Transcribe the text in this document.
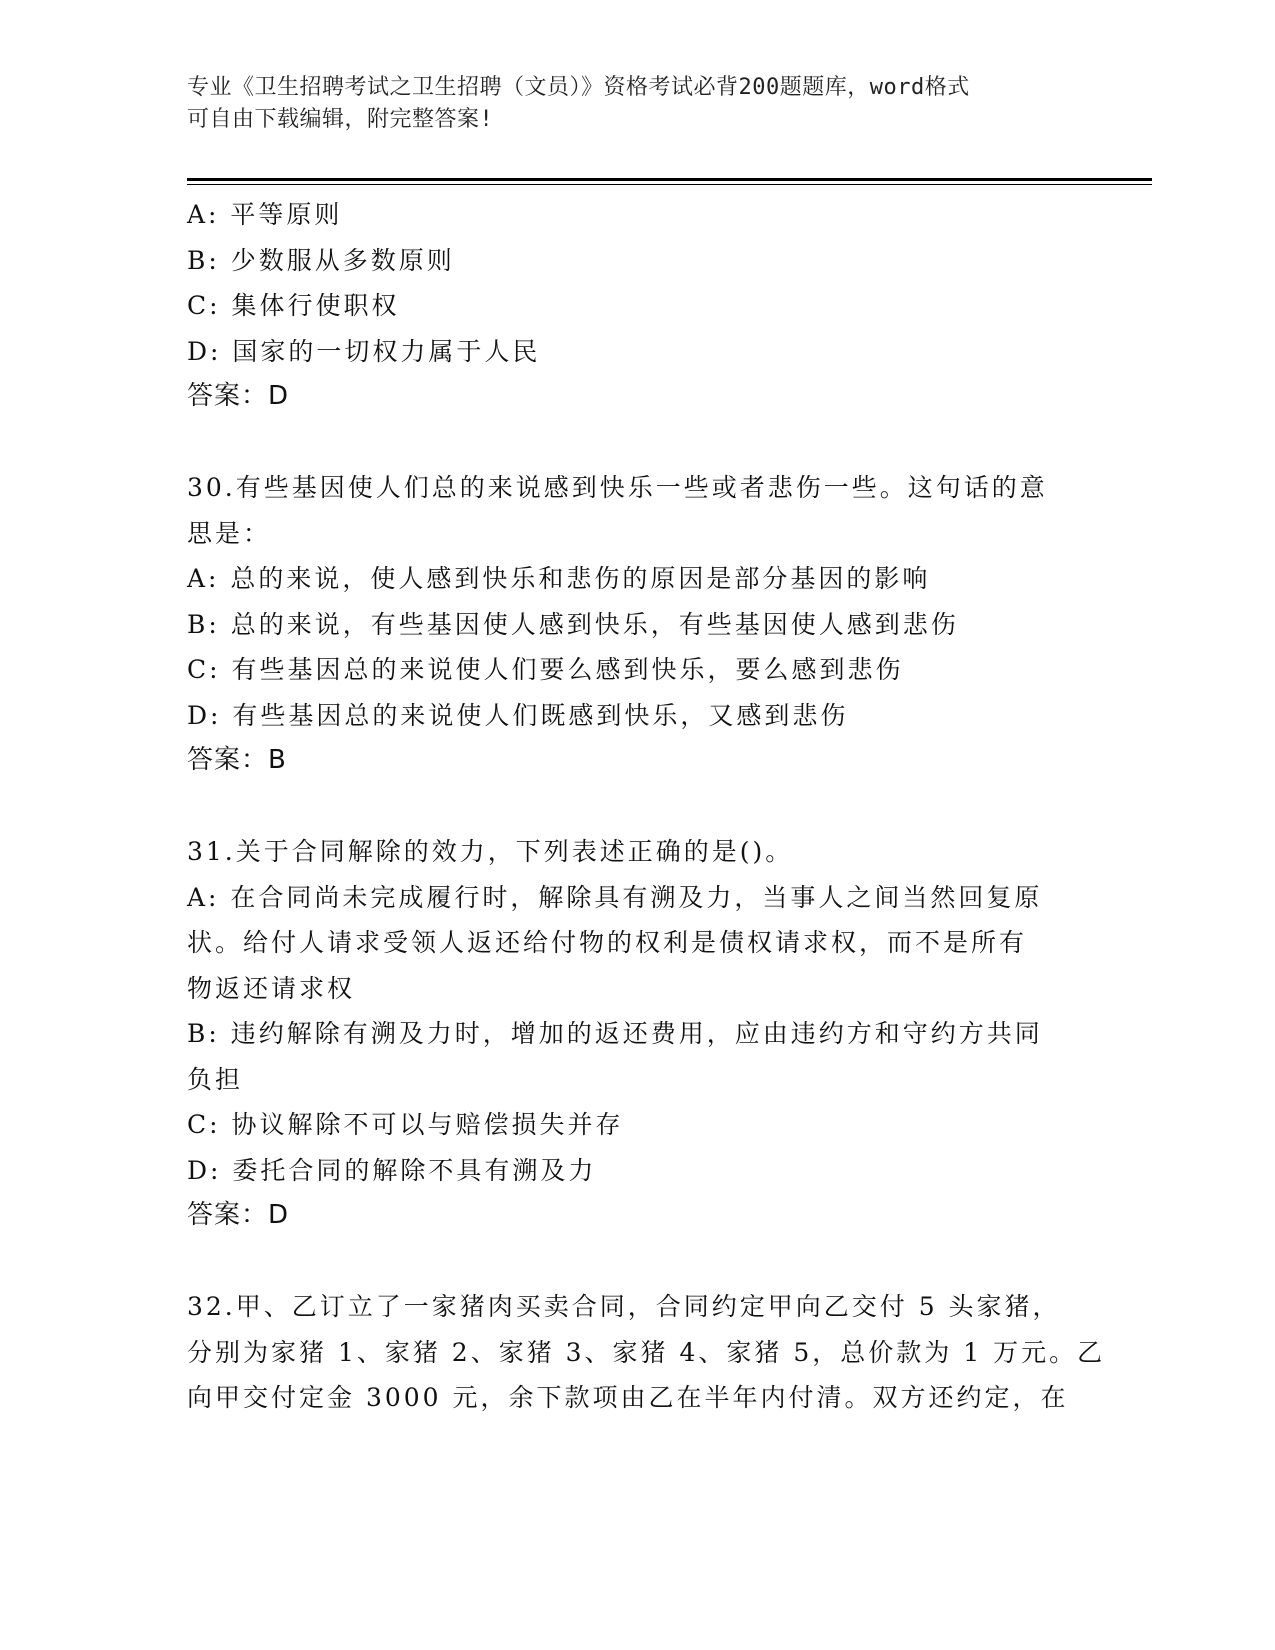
专业《卫生招聘考试之卫生招聘（文员）》资格考试必背200题题库，word格式
可自由下载编辑，附完整答案!
A: 平等原则
B: 少数服从多数原则
C: 集体行使职权
D: 国家的一切权力属于人民
答案：D
30.有些基因使人们总的来说感到快乐一些或者悲伤一些。这句话的意
思是：
A: 总的来说，使人感到快乐和悲伤的原因是部分基因的影响
B: 总的来说，有些基因使人感到快乐，有些基因使人感到悲伤
C: 有些基因总的来说使人们要么感到快乐，要么感到悲伤
D: 有些基因总的来说使人们既感到快乐，又感到悲伤
答案：B
31.关于合同解除的效力，下列表述正确的是()。
A: 在合同尚未完成履行时，解除具有溯及力，当事人之间当然回复原
状。给付人请求受领人返还给付物的权利是债权请求权，而不是所有
物返还请求权
B: 违约解除有溯及力时，增加的返还费用，应由违约方和守约方共同
负担
C: 协议解除不可以与赔偿损失并存
D: 委托合同的解除不具有溯及力
答案：D
32.甲、乙订立了一家猪肉买卖合同，合同约定甲向乙交付 5 头家猪，
分别为家猪 1、家猪 2、家猪 3、家猪 4、家猪 5，总价款为 1 万元。乙
向甲交付定金 3000 元，余下款项由乙在半年内付清。双方还约定，在
